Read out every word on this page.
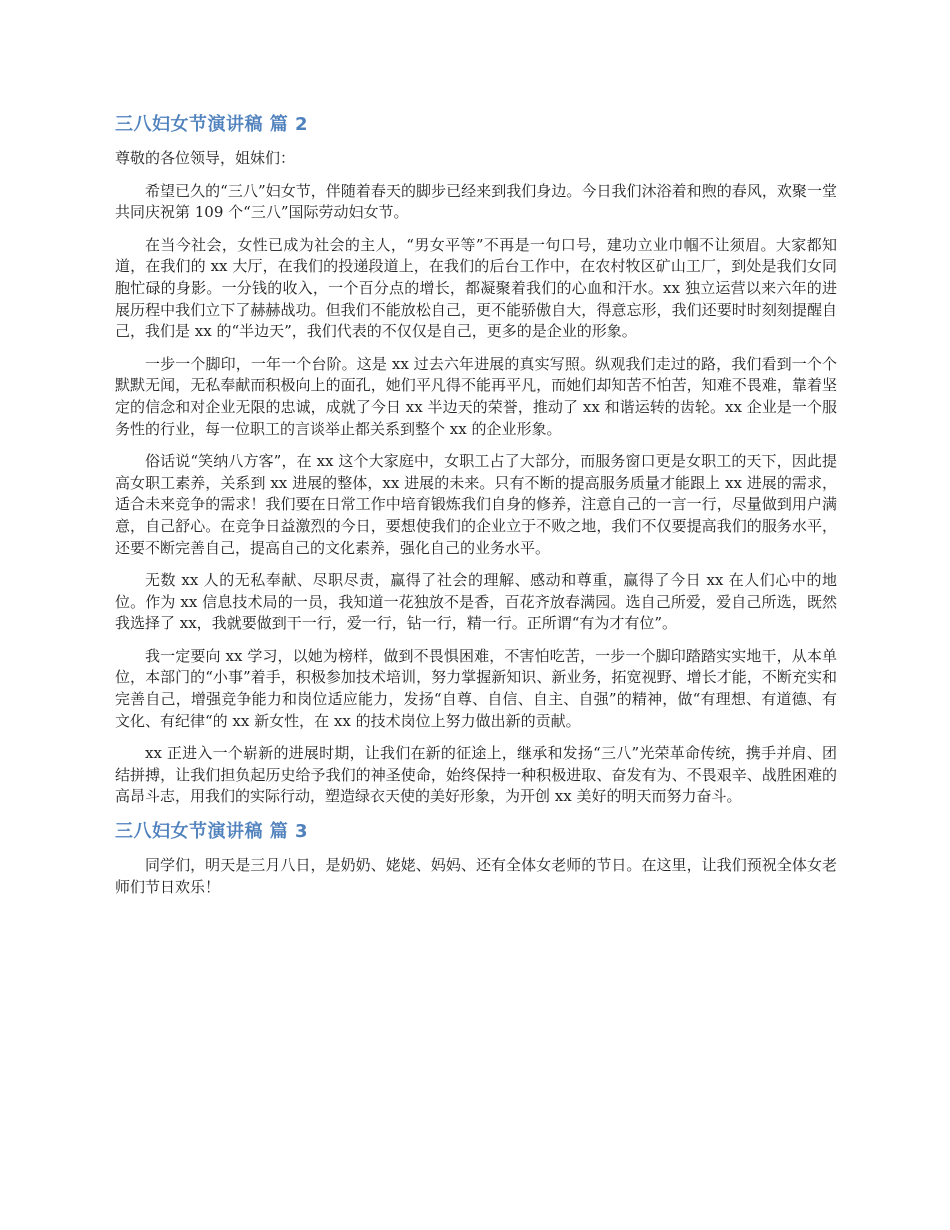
三八妇女节演讲稿 篇 2

尊敬的各位领导，姐妹们：

希望已久的“三八”妇女节，伴随着春天的脚步已经来到我们身边。今日我们沐浴着和煦的春风，欢聚一堂共同庆祝第 109 个“三八”国际劳动妇女节。

在当今社会，女性已成为社会的主人，“男女平等”不再是一句口号，建功立业巾帼不让须眉。大家都知道，在我们的 xx 大厅，在我们的投递段道上，在我们的后台工作中，在农村牧区矿山工厂，到处是我们女同胞忙碌的身影。一分钱的收入，一个百分点的增长，都凝聚着我们的心血和汗水。xx 独立运营以来六年的进展历程中我们立下了赫赫战功。但我们不能放松自己，更不能骄傲自大，得意忘形，我们还要时时刻刻提醒自己，我们是 xx 的“半边天”，我们代表的不仅仅是自己，更多的是企业的形象。

一步一个脚印，一年一个台阶。这是 xx 过去六年进展的真实写照。纵观我们走过的路，我们看到一个个默默无闻，无私奉献而积极向上的面孔，她们平凡得不能再平凡，而她们却知苦不怕苦，知难不畏难，靠着坚定的信念和对企业无限的忠诚，成就了今日 xx 半边天的荣誉，推动了 xx 和谐运转的齿轮。xx 企业是一个服务性的行业，每一位职工的言谈举止都关系到整个 xx 的企业形象。

俗话说“笑纳八方客”，在 xx 这个大家庭中，女职工占了大部分，而服务窗口更是女职工的天下，因此提高女职工素养，关系到 xx 进展的整体，xx 进展的未来。只有不断的提高服务质量才能跟上 xx 进展的需求，适合未来竞争的需求！我们要在日常工作中培育锻炼我们自身的修养，注意自己的一言一行，尽量做到用户满意，自己舒心。在竞争日益激烈的今日，要想使我们的企业立于不败之地，我们不仅要提高我们的服务水平，还要不断完善自己，提高自己的文化素养，强化自己的业务水平。

无数 xx 人的无私奉献、尽职尽责，赢得了社会的理解、感动和尊重，赢得了今日 xx 在人们心中的地位。作为 xx 信息技术局的一员，我知道一花独放不是香，百花齐放春满园。选自己所爱，爱自己所选，既然我选择了 xx，我就要做到干一行，爱一行，钻一行，精一行。正所谓“有为才有位”。

我一定要向 xx 学习，以她为榜样，做到不畏惧困难，不害怕吃苦，一步一个脚印踏踏实实地干，从本单位，本部门的“小事”着手，积极参加技术培训，努力掌握新知识、新业务，拓宽视野、增长才能，不断充实和完善自己，增强竞争能力和岗位适应能力，发扬“自尊、自信、自主、自强”的精神，做“有理想、有道德、有文化、有纪律“的 xx 新女性，在 xx 的技术岗位上努力做出新的贡献。

xx 正进入一个崭新的进展时期，让我们在新的征途上，继承和发扬“三八”光荣革命传统，携手并肩、团结拼搏，让我们担负起历史给予我们的神圣使命，始终保持一种积极进取、奋发有为、不畏艰辛、战胜困难的高昂斗志，用我们的实际行动，塑造绿衣天使的美好形象，为开创 xx 美好的明天而努力奋斗。

三八妇女节演讲稿 篇 3

同学们，明天是三月八日，是奶奶、姥姥、妈妈、还有全体女老师的节日。在这里，让我们预祝全体女老师们节日欢乐！
